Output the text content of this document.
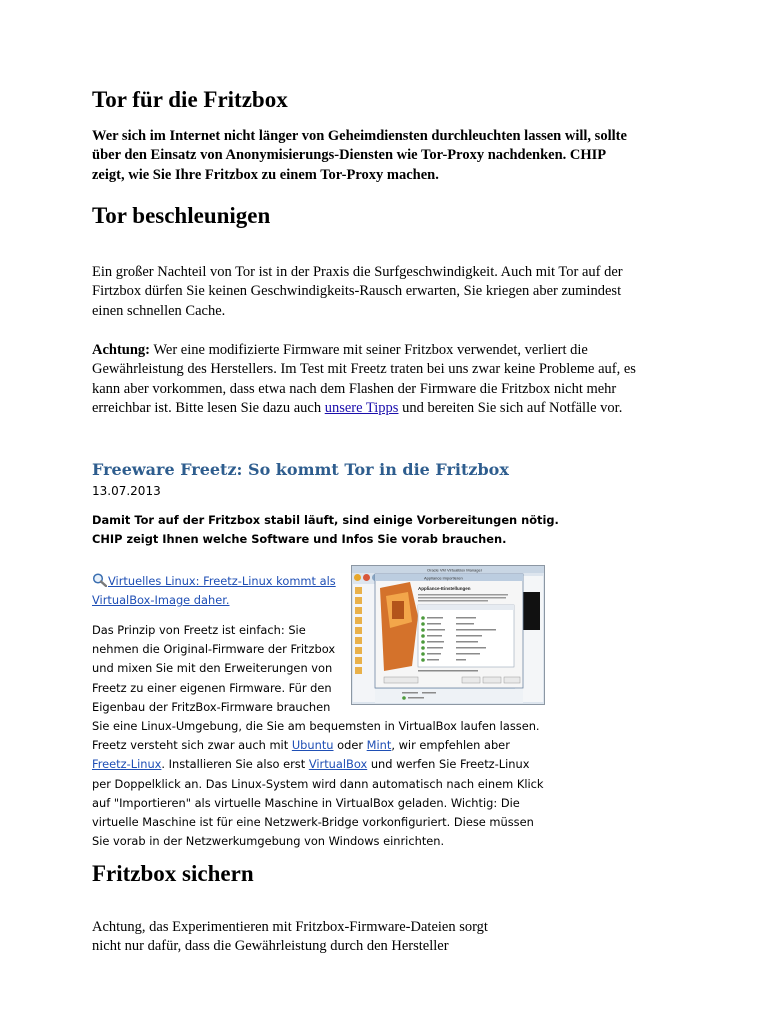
Tor für die Fritzbox

Wer sich im Internet nicht länger von Geheimdiensten durchleuchten lassen will, sollte
über den Einsatz von Anonymisierungs-Diensten wie Tor-Proxy nachdenken. CHIP
zeigt, wie Sie Ihre Fritzbox zu einem Tor-Proxy machen.

Tor beschleunigen

Ein großer Nachteil von Tor ist in der Praxis die Surfgeschwindigkeit. Auch mit Tor auf der
Firtzbox dürfen Sie keinen Geschwindigkeits-Rausch erwarten, Sie kriegen aber zumindest
einen schnellen Cache.

Achtung: Wer eine modifizierte Firmware mit seiner Fritzbox verwendet, verliert die
Gewährleistung des Herstellers. Im Test mit Freetz traten bei uns zwar keine Probleme auf, es
kann aber vorkommen, dass etwa nach dem Flashen der Firmware die Fritzbox nicht mehr
erreichbar ist. Bitte lesen Sie dazu auch unsere Tipps und bereiten Sie sich auf Notfälle vor.

Freeware Freetz: So kommt Tor in die Fritzbox

13.07.2013

Damit Tor auf der Fritzbox stabil läuft, sind einige Vorbereitungen nötig.
CHIP zeigt Ihnen welche Software und Infos Sie vorab brauchen.

Virtuelles Linux: Freetz-Linux kommt als
VirtualBox-Image daher.

Das Prinzip von Freetz ist einfach: Sie
nehmen die Original-Firmware der Fritzbox
und mixen Sie mit den Erweiterungen von
Freetz zu einer eigenen Firmware. Für den
Eigenbau der FritzBox-Firmware brauchen
Sie eine Linux-Umgebung, die Sie am bequemsten in VirtualBox laufen lassen.
Freetz versteht sich zwar auch mit Ubuntu oder Mint, wir empfehlen aber
Freetz-Linux. Installieren Sie also erst VirtualBox und werfen Sie Freetz-Linux
per Doppelklick an. Das Linux-System wird dann automatisch nach einem Klick
auf "Importieren" als virtuelle Maschine in VirtualBox geladen. Wichtig: Die
virtuelle Maschine ist für eine Netzwerk-Bridge vorkonfiguriert. Diese müssen
Sie vorab in der Netzwerkumgebung von Windows einrichten.

Oracle VM VirtualBox Manager
Appliance importieren
Appliance-Einstellungen
Fritzbox sichern

Achtung, das Experimentieren mit Fritzbox-Firmware-Dateien sorgt
nicht nur dafür, dass die Gewährleistung durch den Hersteller
